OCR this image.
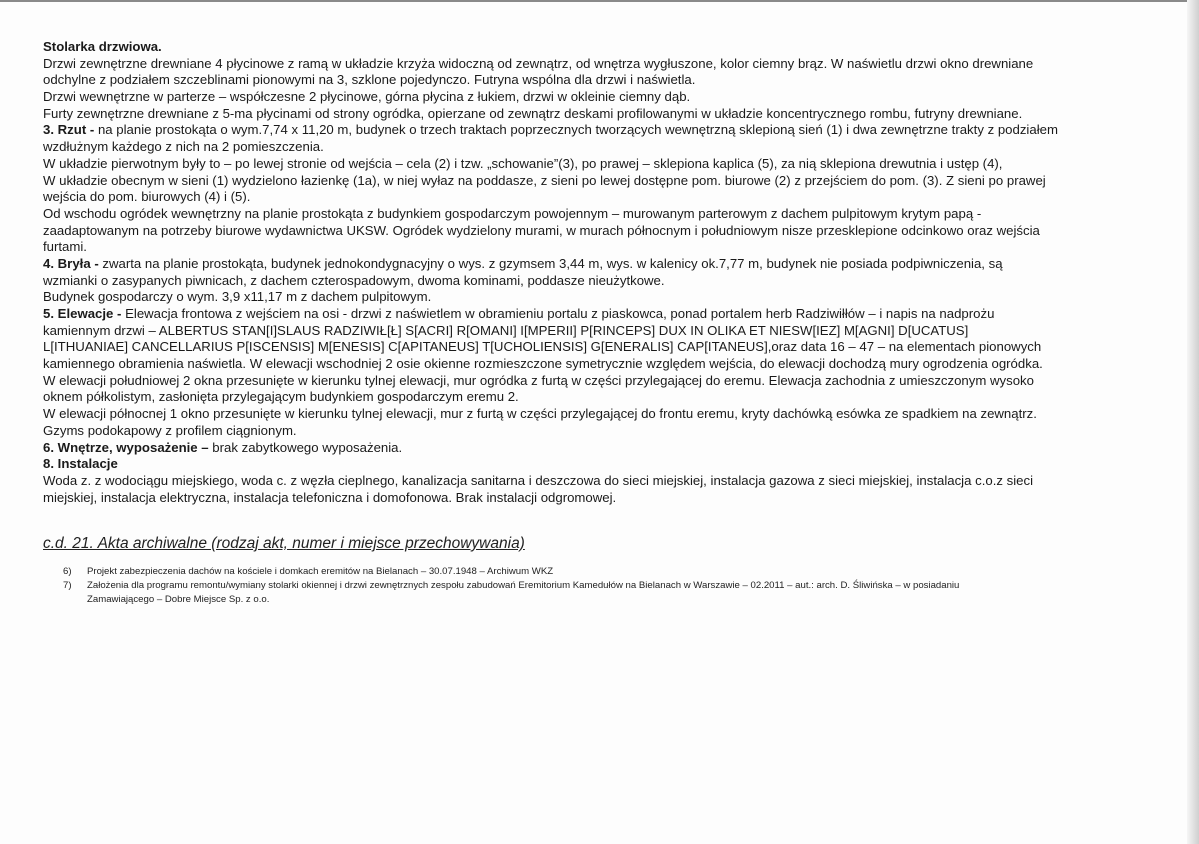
Stolarka drzwiowa.
Drzwi zewnętrzne drewniane 4 płycinowe z ramą w układzie krzyża widoczną od zewnątrz, od wnętrza wygłuszone, kolor ciemny brąz. W naświetlu drzwi okno drewniane
odchylne z podziałem szczeblinami pionowymi na 3, szklone pojedynczo. Futryna wspólna dla drzwi i naświetla.
Drzwi wewnętrzne w parterze – współczesne 2 płycinowe, górna płycina z łukiem, drzwi w okleinie ciemny dąb.
Furty zewnętrzne drewniane z 5-ma płycinami od strony ogródka, opierzane od zewnątrz deskami profilowanymi w układzie koncentrycznego rombu, futryny drewniane.
3. Rzut - na planie prostokąta o wym.7,74 x 11,20 m, budynek o trzech traktach poprzecznych tworzących wewnętrzną sklepioną sień (1) i dwa zewnętrzne trakty z podziałem
wzdłużnym każdego z nich na 2 pomieszczenia.
W układzie pierwotnym były to – po lewej stronie od wejścia – cela (2) i tzw. „schowanie”(3), po prawej – sklepiona kaplica (5), za nią sklepiona drewutnia i ustęp (4),
W układzie obecnym w sieni (1) wydzielono łazienkę (1a), w niej wyłaz na poddasze, z sieni po lewej dostępne pom. biurowe (2) z przejściem do pom. (3). Z sieni po prawej
wejścia do pom. biurowych (4) i (5).
Od wschodu ogródek wewnętrzny na planie prostokąta z budynkiem gospodarczym powojennym – murowanym parterowym z dachem pulpitowym krytym papą -
zaadaptowanym na potrzeby biurowe wydawnictwa UKSW. Ogródek wydzielony murami, w murach północnym i południowym nisze przesklepione odcinkowo oraz wejścia
furtami.
4. Bryła - zwarta na planie prostokąta, budynek jednokondygnacyjny o wys. z gzymsem 3,44 m, wys. w kalenicy ok.7,77 m, budynek nie posiada podpiwniczenia, są
wzmianki o zasypanych piwnicach, z dachem czterospadowym, dwoma kominami, poddasze nieużytkowe.
Budynek gospodarczy o wym. 3,9 x11,17 m z dachem pulpitowym.
5. Elewacje - Elewacja frontowa z wejściem na osi - drzwi z naświetlem w obramieniu portalu z piaskowca, ponad portalem herb Radziwiłłów – i napis na nadprożu
kamiennym drzwi – ALBERTUS STAN[I]SLAUS RADZIWIŁ[Ł] S[ACRI] R[OMANI] I[MPERII] P[RINCEPS] DUX IN OLIKA ET NIESW[IEZ] M[AGNI] D[UCATUS]
L[ITHUANIAE] CANCELLARIUS P[ISCENSIS] M[ENESIS] C[APITANEUS] T[UCHOLIENSIS] G[ENERALIS] CAP[ITANEUS],oraz data 16 – 47 – na elementach pionowych
kamiennego obramienia naświetla. W elewacji wschodniej 2 osie okienne rozmieszczone symetrycznie względem wejścia, do elewacji dochodzą mury ogrodzenia ogródka.
W elewacji południowej 2 okna przesunięte w kierunku tylnej elewacji, mur ogródka z furtą w części przylegającej do eremu. Elewacja zachodnia z umieszczonym wysoko
oknem półkolistym, zasłonięta przylegającym budynkiem gospodarczym eremu 2.
W elewacji północnej 1 okno przesunięte w kierunku tylnej elewacji, mur z furtą w części przylegającej do frontu eremu, kryty dachówką esówka ze spadkiem na zewnątrz.
Gzyms podokapowy z profilem ciągnionym.
6. Wnętrze, wyposażenie – brak zabytkowego wyposażenia.
8. Instalacje
Woda z. z wodociągu miejskiego, woda c. z węzła cieplnego, kanalizacja sanitarna i deszczowa do sieci miejskiej, instalacja gazowa z sieci miejskiej, instalacja c.o.z sieci
miejskiej, instalacja elektryczna, instalacja telefoniczna i domofonowa. Brak instalacji odgromowej.
c.d. 21. Akta archiwalne (rodzaj akt, numer i miejsce przechowywania)
6)	Projekt zabezpieczenia dachów na kościele i domkach eremitów na Bielanach – 30.07.1948 – Archiwum WKZ
7)	Założenia dla programu remontu/wymiany stolarki okiennej i drzwi zewnętrznych zespołu zabudowań Eremitorium Kamedułów na Bielanach w Warszawie – 02.2011 – aut.: arch. D. Śliwińska – w posiadaniu
Zamawiającego – Dobre Miejsce Sp. z o.o.
